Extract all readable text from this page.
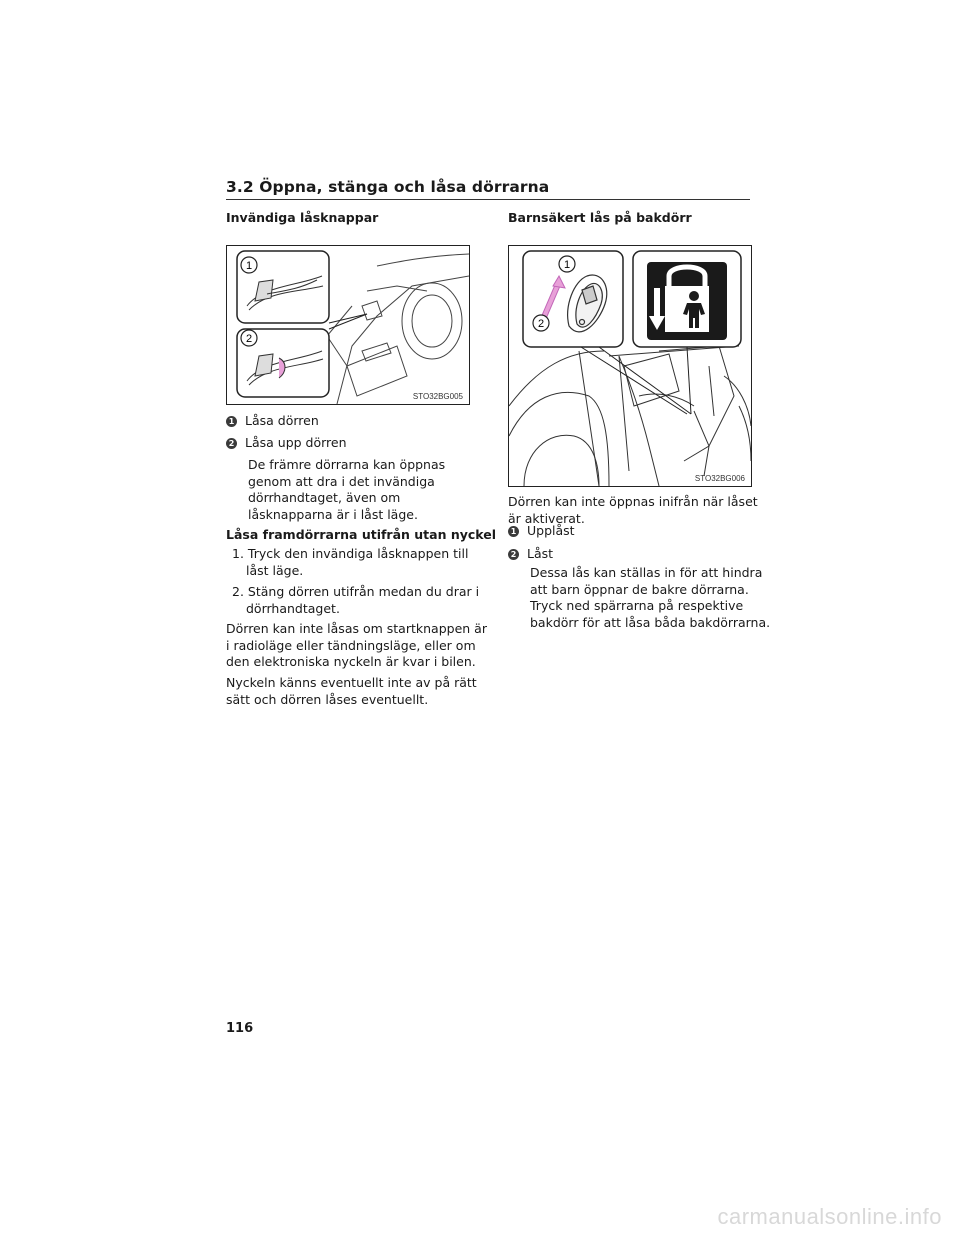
3.2 Öppna, stänga och låsa dörrarna
Invändiga låsknappar
1
2
STO32BG005
1 Låsa dörren
2 Låsa upp dörren
De främre dörrarna kan öppnas
genom att dra i det invändiga
dörrhandtaget, även om
låsknapparna är i låst läge.
Låsa framdörrarna utifrån utan nyckel
1. Tryck den invändiga låsknappen till
låst läge.
2. Stäng dörren utifrån medan du drar i
dörrhandtaget.
Dörren kan inte låsas om startknappen är
i radioläge eller tändningsläge, eller om
den elektroniska nyckeln är kvar i bilen.
Nyckeln känns eventuellt inte av på rätt
sätt och dörren låses eventuellt.
Barnsäkert lås på bakdörr
1
2
STO32BG006
Dörren kan inte öppnas inifrån när låset
är aktiverat.
1 Upplåst
2 Låst
Dessa lås kan ställas in för att hindra
att barn öppnar de bakre dörrarna.
Tryck ned spärrarna på respektive
bakdörr för att låsa båda bakdörrarna.
116
carmanualsonline.info
